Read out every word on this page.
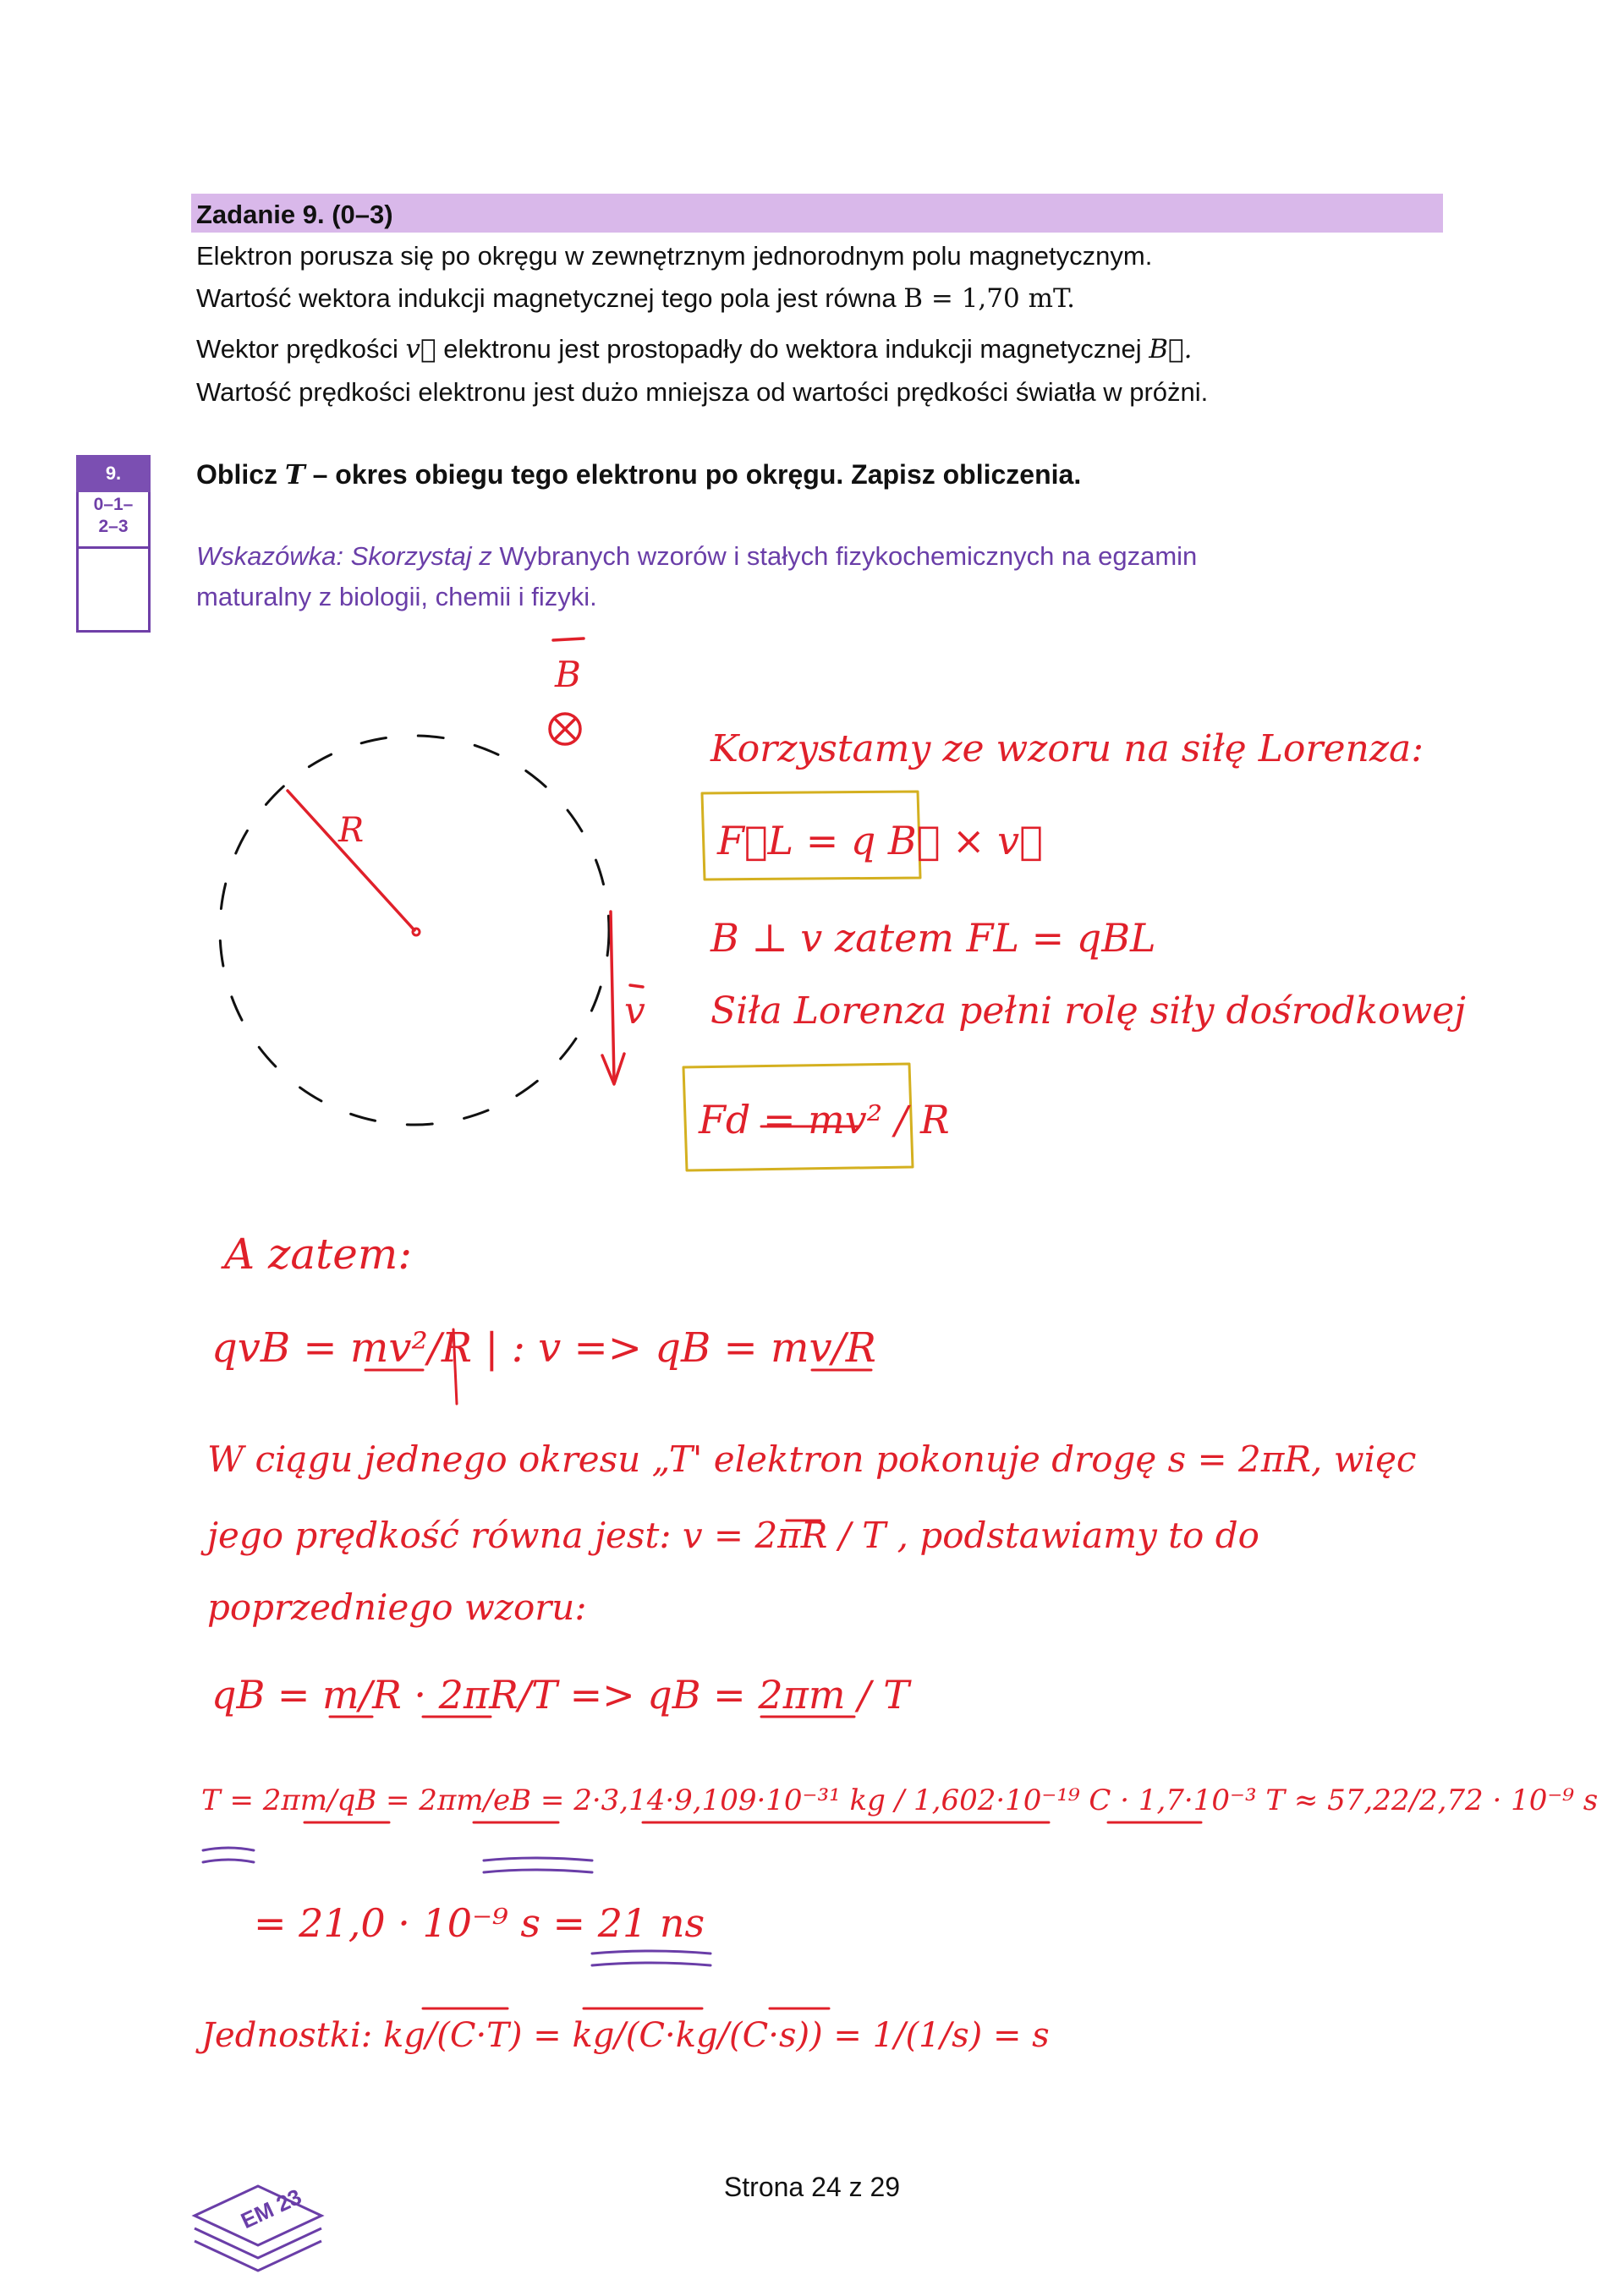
Zadanie 9. (0–3)
Elektron porusza się po okręgu w zewnętrznym jednorodnym polu magnetycznym.
Wartość wektora indukcji magnetycznej tego pola jest równa B = 1,70 mT.
Wektor prędkości v⃗ elektronu jest prostopadły do wektora indukcji magnetycznej B⃗.
Wartość prędkości elektronu jest dużo mniejsza od wartości prędkości światła w próżni.
9.
0–1–
2–3
Oblicz T – okres obiegu tego elektronu po okręgu. Zapisz obliczenia.
Wskazówka: Skorzystaj z Wybranych wzorów i stałych fizykochemicznych na egzamin
maturalny z biologii, chemii i fizyki.
B
R
v
Korzystamy ze wzoru na siłę Lorenza:
F⃗L = q B⃗ × v⃗
B ⊥ v zatem FL = qBL
Siła Lorenza pełni rolę siły dośrodkowej
Fd = mv² / R
A zatem:
qvB = mv²/R | : v => qB = mv/R
W ciągu jednego okresu „T' elektron pokonuje drogę s = 2πR, więc
jego prędkość równa jest: v = 2πR / T , podstawiamy to do
poprzedniego wzoru:
qB = m/R · 2πR/T => qB = 2πm / T
T = 2πm/qB = 2πm/eB = 2·3,14·9,109·10⁻³¹ kg / 1,602·10⁻¹⁹ C · 1,7·10⁻³ T ≈ 57,22/2,72 · 10⁻⁹ s
= 21,0 · 10⁻⁹ s = 21 ns
Jednostki: kg/(C·T) = kg/(C·kg/(C·s)) = 1/(1/s) = s
EM 23	Strona 24 z 29
